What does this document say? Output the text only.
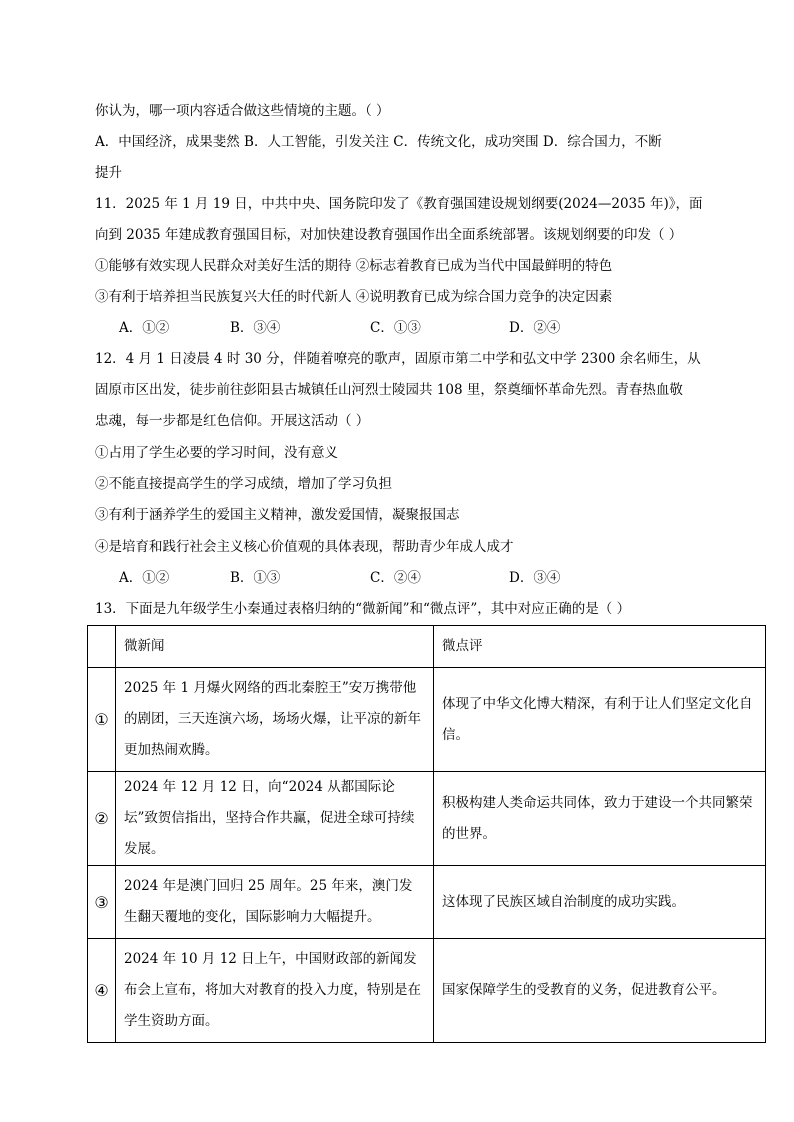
你认为，哪一项内容适合做这些情境的主题。（ ）
A．中国经济，成果斐然 B．人工智能，引发关注 C．传统文化，成功突围 D．综合国力，不断
提升
11．2025 年 1 月 19 日，中共中央、国务院印发了《教育强国建设规划纲要(2024—2035 年)》，面
向到 2035 年建成教育强国目标，对加快建设教育强国作出全面系统部署。该规划纲要的印发（ ）
①能够有效实现人民群众对美好生活的期待 ②标志着教育已成为当代中国最鲜明的特色
③有利于培养担当民族复兴大任的时代新人 ④说明教育已成为综合国力竞争的决定因素
A．①②	B．③④	C．①③	D．②④
12．4 月 1 日凌晨 4 时 30 分，伴随着嘹亮的歌声，固原市第二中学和弘文中学 2300 余名师生，从
固原市区出发，徒步前往彭阳县古城镇任山河烈士陵园共 108 里，祭奠缅怀革命先烈。青春热血敬
忠魂，每一步都是红色信仰。开展这活动（ ）
①占用了学生必要的学习时间，没有意义
②不能直接提高学生的学习成绩，增加了学习负担
③有利于涵养学生的爱国主义精神，激发爱国情，凝聚报国志
④是培育和践行社会主义核心价值观的具体表现，帮助青少年成人成才
A．①②	B．①③	C．②④	D．③④
13．下面是九年级学生小秦通过表格归纳的“微新闻”和“微点评”，其中对应正确的是（ ）
	微新闻	微点评
①	2025 年 1 月爆火网络的西北秦腔王”安万携带他的剧团，三天连演六场，场场火爆，让平凉的新年更加热闹欢腾。	体现了中华文化博大精深，有利于让人们坚定文化自信。

②	2024 年 12 月 12 日，向“2024 从都国际论坛”致贺信指出，坚持合作共赢，促进全球可持续发展。	积极构建人类命运共同体，致力于建设一个共同繁荣的世界。

③	2024 年是澳门回归 25 周年。25 年来，澳门发生翻天覆地的变化，国际影响力大幅提升。	这体现了民族区域自治制度的成功实践。

④	2024 年 10 月 12 日上午，中国财政部的新闻发布会上宣布，将加大对教育的投入力度，特别是在学生资助方面。	国家保障学生的受教育的义务，促进教育公平。
